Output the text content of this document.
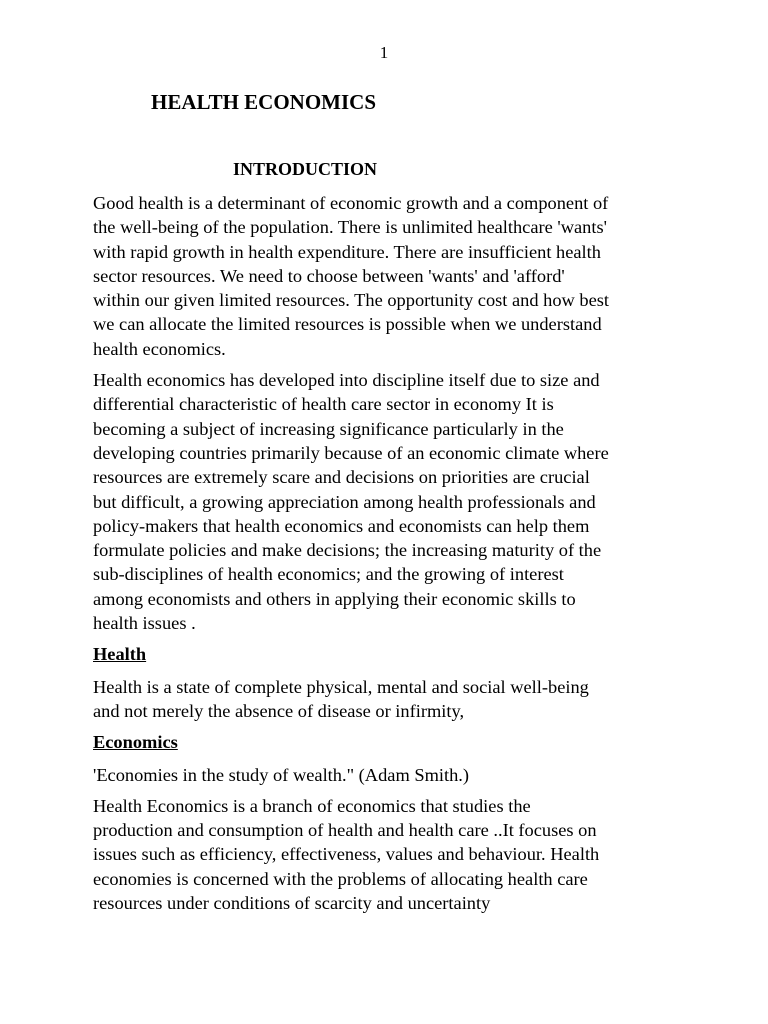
1
HEALTH ECONOMICS
INTRODUCTION

Good health is a determinant of economic growth and a component of
the well-being of the population. There is unlimited healthcare 'wants'
with rapid growth in health expenditure. There are insufficient health
sector resources. We need to choose between 'wants' and 'afford'
within our given limited resources. The opportunity cost and how best
we can allocate the limited resources is possible when we understand
health economics.

Health economics has developed into discipline itself due to size and
differential characteristic of health care sector in economy It is
becoming a subject of increasing significance particularly in the
developing countries primarily because of an economic climate where
resources are extremely scare and decisions on priorities are crucial
but difficult, a growing appreciation among health professionals and
policy-makers that health economics and economists can help them
formulate policies and make decisions; the increasing maturity of the
sub-disciplines of health economics; and the growing of interest
among economists and others in applying their economic skills to
health issues .

Health

Health is a state of complete physical, mental and social well-being
and not merely the absence of disease or infirmity,

Economics

'Economies in the study of wealth." (Adam Smith.)

Health Economics is a branch of economics that studies the
production and consumption of health and health care ..It focuses on
issues such as efficiency, effectiveness, values and behaviour. Health
economies is concerned with the problems of allocating health care
resources under conditions of scarcity and uncertainty
